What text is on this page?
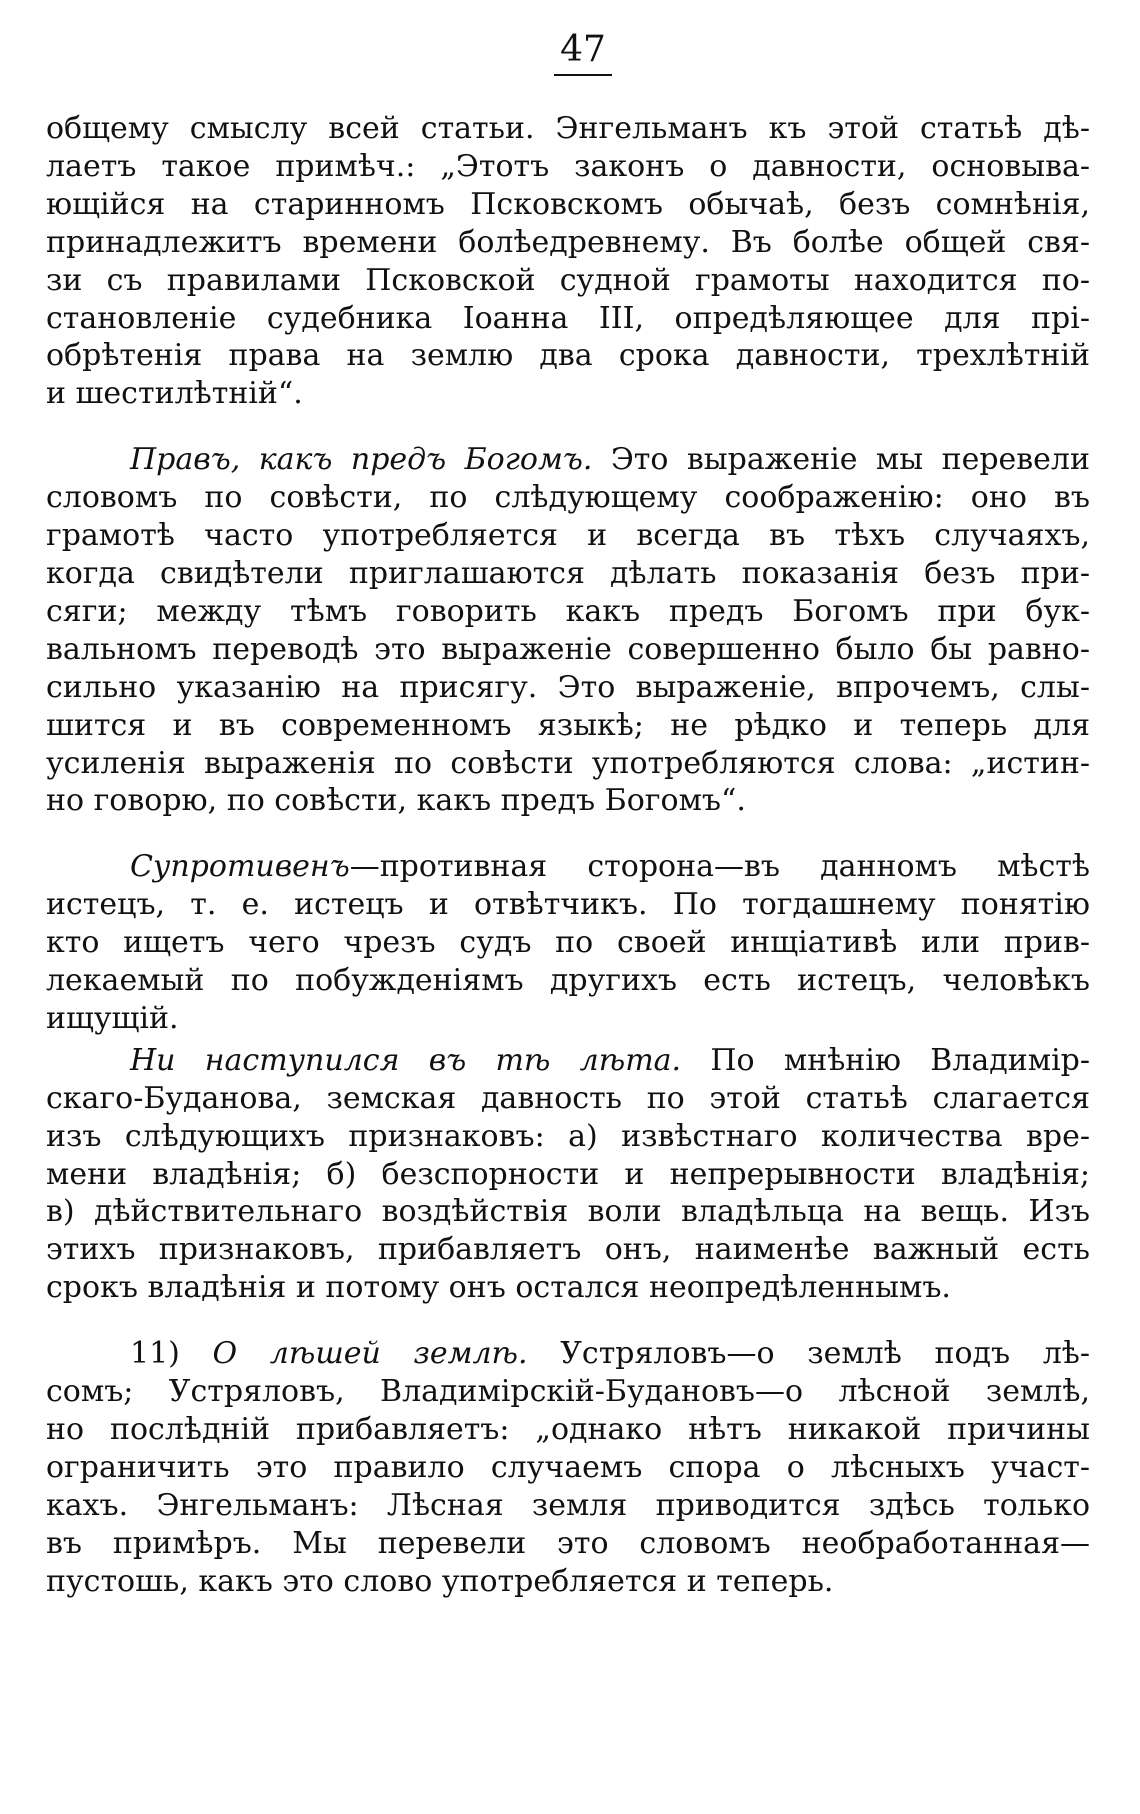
47
общему смыслу всей статьи. Энгельманъ къ этой статьѣ дѣ-
лаетъ такое примѣч.: „Этотъ законъ о давности, основыва-
ющійся на старинномъ Псковскомъ обычаѣ, безъ сомнѣнія,
принадлежитъ времени болѣедревнему. Въ болѣе общей свя-
зи съ правилами Псковской судной грамоты находится по-
становленіе судебника Іоанна III, опредѣляющее для прі-
обрѣтенія права на землю два срока давности, трехлѣтній
и шестилѣтній“.
Правъ, какъ предъ Богомъ. Это выраженіе мы перевели
словомъ по совѣсти, по слѣдующему соображенію: оно въ
грамотѣ часто употребляется и всегда въ тѣхъ случаяхъ,
когда свидѣтели приглашаются дѣлать показанія безъ при-
сяги; между тѣмъ говорить какъ предъ Богомъ при бук-
вальномъ переводѣ это выраженіе совершенно было бы равно-
сильно указанію на присягу. Это выраженіе, впрочемъ, слы-
шится и въ современномъ языкѣ; не рѣдко и теперь для
усиленія выраженія по совѣсти употребляются слова: „истин-
но говорю, по совѣсти, какъ предъ Богомъ“.
Супротивенъ—противная сторона—въ данномъ мѣстѣ
истецъ, т. е. истецъ и отвѣтчикъ. По тогдашнему понятію
кто ищетъ чего чрезъ судъ по своей инщіативѣ или прив-
лекаемый по побужденіямъ другихъ есть истецъ, человѣкъ
ищущій.
Ни наступился въ тѣ лѣта. По мнѣнію Владимір-
скаго-Буданова, земская давность по этой статьѣ слагается
изъ слѣдующихъ признаковъ: а) извѣстнаго количества вре-
мени владѣнія; б) безспорности и непрерывности владѣнія;
в) дѣйствительнаго воздѣйствія воли владѣльца на вещь. Изъ
этихъ признаковъ, прибавляетъ онъ, наименѣе важный есть
срокъ владѣнія и потому онъ остался неопредѣленнымъ.
11) О лѣшей землѣ. Устряловъ—о землѣ подъ лѣ-
сомъ; Устряловъ, Владимірскій-Будановъ—о лѣсной землѣ,
но послѣдній прибавляетъ: „однако нѣтъ никакой причины
ограничить это правило случаемъ спора о лѣсныхъ участ-
кахъ. Энгельманъ: Лѣсная земля приводится здѣсь только
въ примѣръ. Мы перевели это словомъ необработанная—
пустошь, какъ это слово употребляется и теперь.
